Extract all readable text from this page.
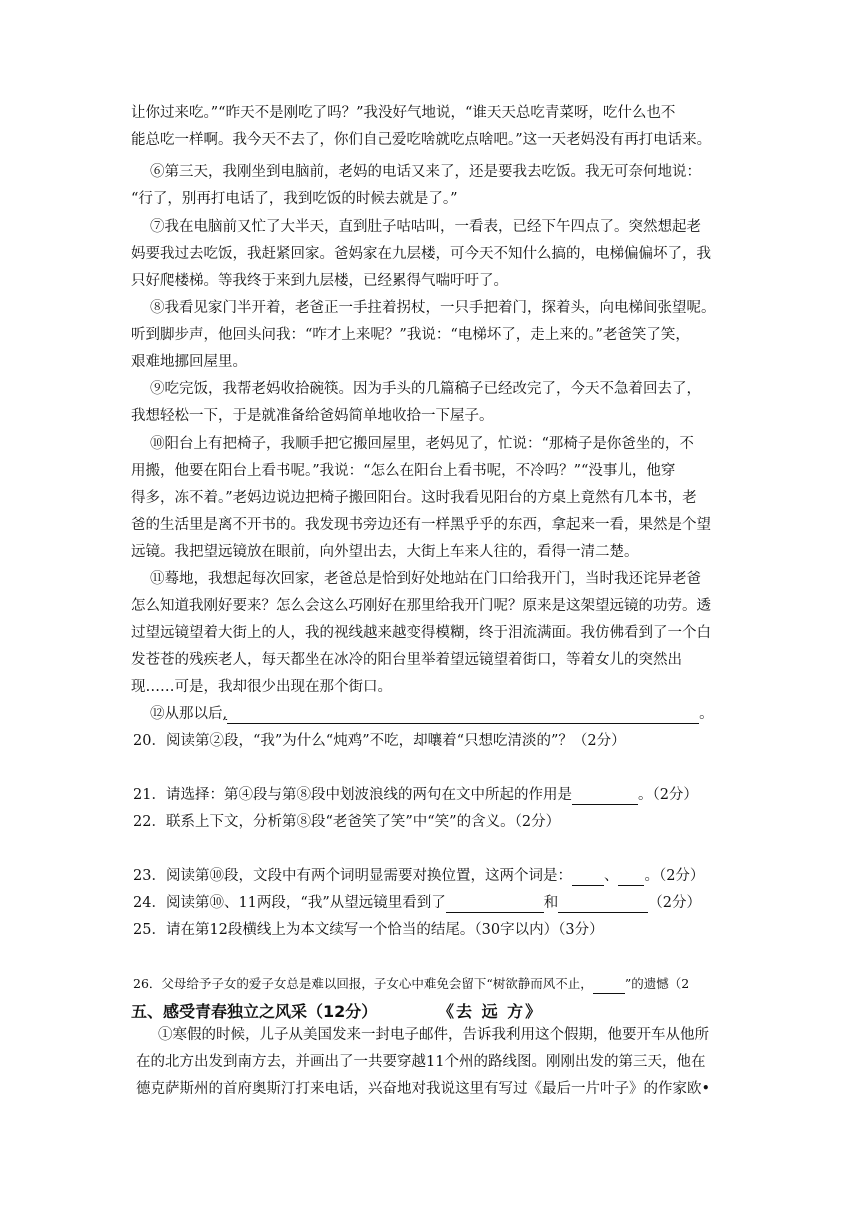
让你过来吃。”“昨天不是刚吃了吗？”我没好气地说，“谁天天总吃青菜呀，吃什么也不
能总吃一样啊。我今天不去了，你们自己爱吃啥就吃点啥吧。”这一天老妈没有再打电话来。
⑥第三天，我刚坐到电脑前，老妈的电话又来了，还是要我去吃饭。我无可奈何地说：
“行了，别再打电话了，我到吃饭的时候去就是了。”
⑦我在电脑前又忙了大半天，直到肚子咕咕叫，一看表，已经下午四点了。突然想起老
妈要我过去吃饭，我赶紧回家。爸妈家在九层楼，可今天不知什么搞的，电梯偏偏坏了，我
只好爬楼梯。等我终于来到九层楼，已经累得气喘吁吁了。
⑧我看见家门半开着，老爸正一手拄着拐杖，一只手把着门，探着头，向电梯间张望呢。
听到脚步声，他回头问我：“咋才上来呢？”我说：“电梯坏了，走上来的。”老爸笑了笑，
艰难地挪回屋里。
⑨吃完饭，我帮老妈收拾碗筷。因为手头的几篇稿子已经改完了，今天不急着回去了，
我想轻松一下，于是就准备给爸妈简单地收拾一下屋子。
⑩阳台上有把椅子，我顺手把它搬回屋里，老妈见了，忙说：“那椅子是你爸坐的，不
用搬，他要在阳台上看书呢。”我说：“怎么在阳台上看书呢，不冷吗？”“没事儿，他穿
得多，冻不着。”老妈边说边把椅子搬回阳台。这时我看见阳台的方桌上竟然有几本书，老
爸的生活里是离不开书的。我发现书旁边还有一样黑乎乎的东西，拿起来一看，果然是个望
远镜。我把望远镜放在眼前，向外望出去，大街上车来人往的，看得一清二楚。
⑪蓦地，我想起每次回家，老爸总是恰到好处地站在门口给我开门，当时我还诧异老爸
怎么知道我刚好要来？怎么会这么巧刚好在那里给我开门呢？原来是这架望远镜的功劳。透
过望远镜望着大街上的人，我的视线越来越变得模糊，终于泪流满面。我仿佛看到了一个白
发苍苍的残疾老人，每天都坐在冰冷的阳台里举着望远镜望着街口，等着女儿的突然出
现……可是，我却很少出现在那个街口。
⑫从那以后,	。
20．阅读第②段，“我”为什么“炖鸡”不吃，却嚷着“只想吃清淡的”？（2分）
21．请选择：第④段与第⑧段中划波浪线的两句在文中所起的作用是	。（2分）
22．联系上下文，分析第⑧段“老爸笑了笑”中“笑”的含义。（2分）
23．阅读第⑩段，文段中有两个词明显需要对换位置，这两个词是： 、 。（2分）
24．阅读第⑩、11两段，“我”从望远镜里看到了	和	（2分）
25．请在第12段横线上为本文续写一个恰当的结尾。（30字以内）（3分）
26．父母给予子女的爱子女总是难以回报，子女心中难免会留下“树欲静而风不止，	”的遗憾（2
五、感受青春独立之风采（12分）	《去 远 方》
①寒假的时候，儿子从美国发来一封电子邮件，告诉我利用这个假期，他要开车从他所
在的北方出发到南方去，并画出了一共要穿越11个州的路线图。刚刚出发的第三天，他在
德克萨斯州的首府奥斯汀打来电话，兴奋地对我说这里有写过《最后一片叶子》的作家欧•
